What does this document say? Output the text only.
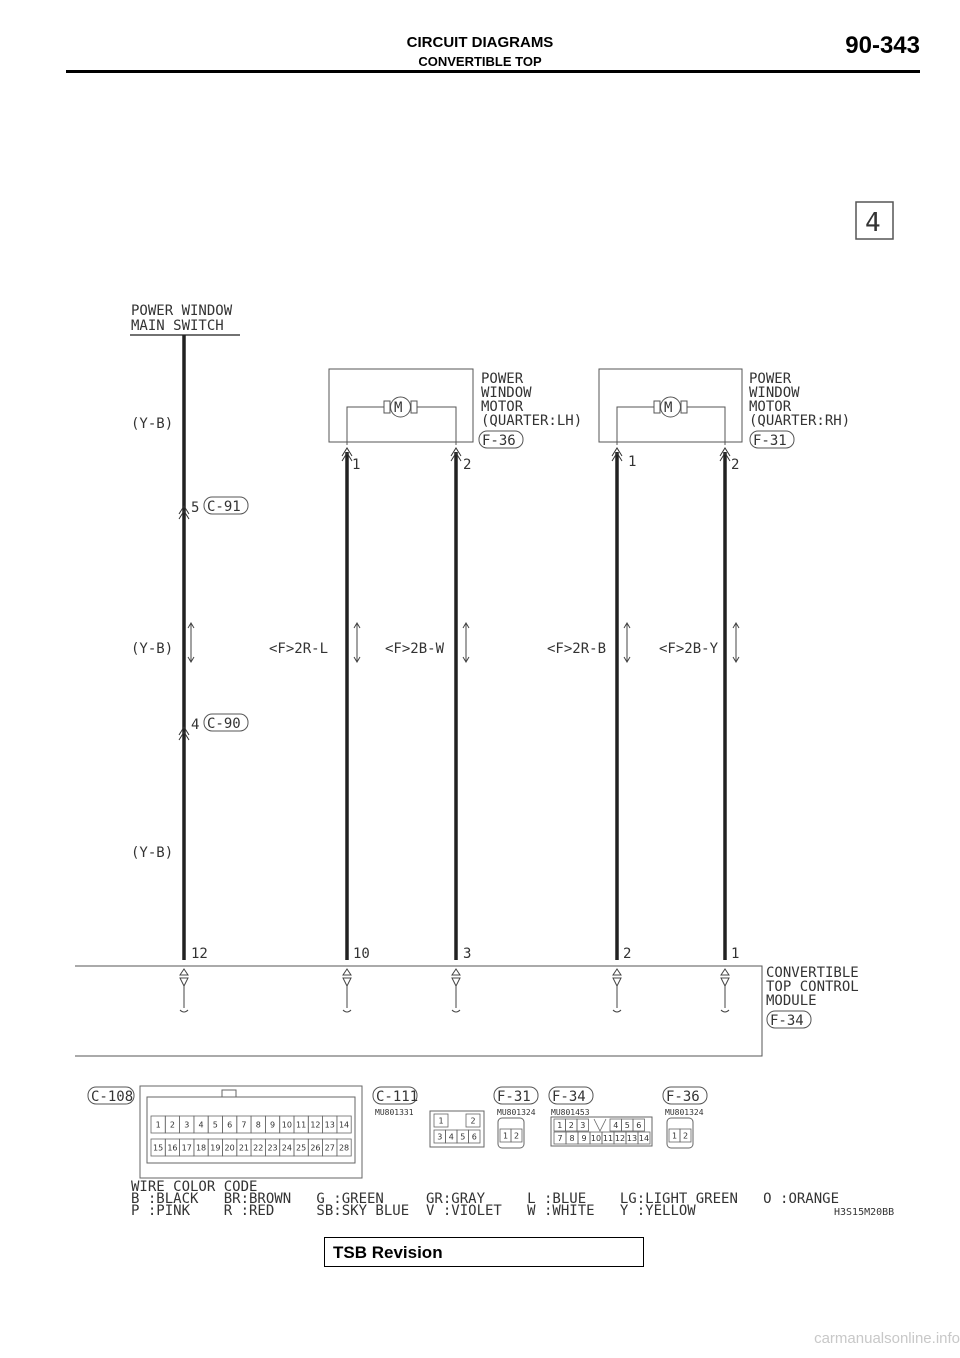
CIRCUIT DIAGRAMS
CONVERTIBLE TOP
90-343
4
POWER WINDOW
MAIN SWITCH
(Y-B)
(Y-B)
(Y-B)
5 C-91
4 C-90
M
POWER
WINDOW
MOTOR
(QUARTER:LH)
F-36
1	2
M
POWER
WINDOW
MOTOR
(QUARTER:RH)
F-31
1	2
<F>2R-L	<F>2B-W	<F>2R-B	<F>2B-Y
12	10	3	2	1
CONVERTIBLE
TOP CONTROL
MODULE
F-34
C-108
1 2 3 4 5 6 7 8 9 10 11 12 13 14
15 16 17 18 19 20 21 22 23 24 25 26 27 28
C-111
MU801331
1	2
3 4 5 6
F-31
MU801324
1 2
F-34
MU801453
1 2 3	4 5 6
7 8 9 10 11 12 13 14
F-36
MU801324
1 2
WIRE COLOR CODE
B :BLACK   BR:BROWN   G :GREEN     GR:GRAY     L :BLUE    LG:LIGHT GREEN   O :ORANGE
P :PINK    R :RED     SB:SKY BLUE  V :VIOLET   W :WHITE   Y :YELLOW	H3S15M20BB
TSB Revision
carmanualsonline.info
